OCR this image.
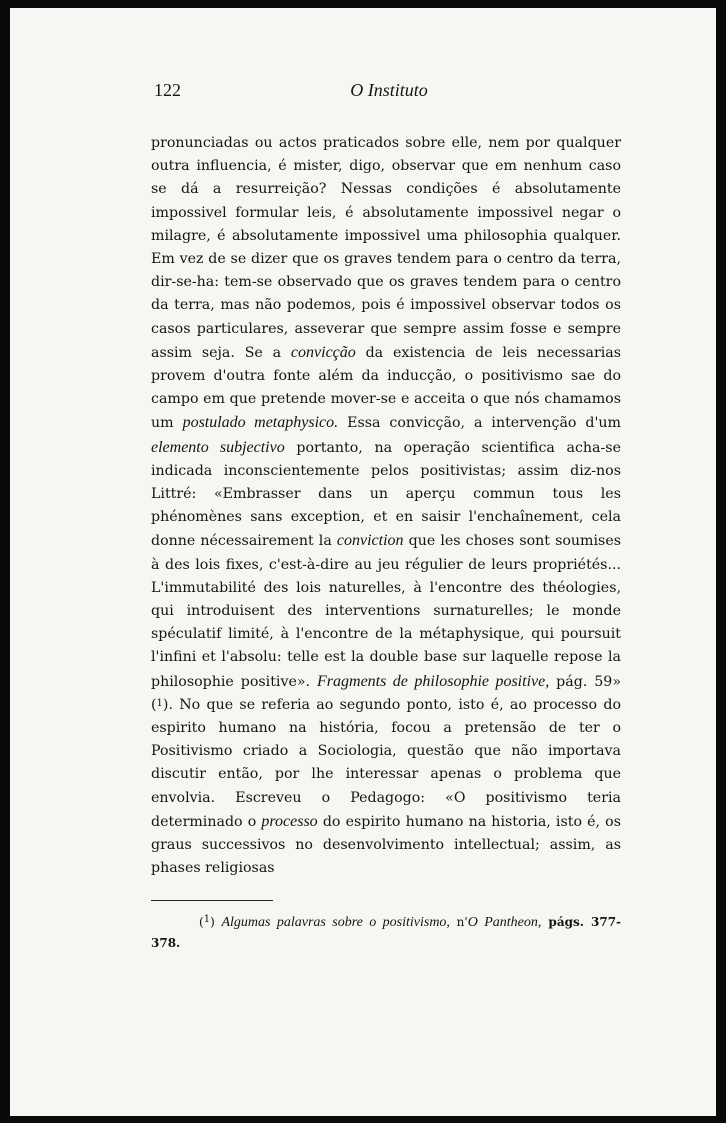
122	O Instituto

pronunciadas ou actos praticados sobre elle, nem por qualquer outra influencia, é mister, digo, observar que em nenhum caso se dá a resurreição? Nessas condições é absolutamente impossivel formular leis, é absolutamente impossivel negar o milagre, é absolutamente impossivel uma philosophia qualquer. Em vez de se dizer que os graves tendem para o centro da terra, dir-se-ha: tem-se observado que os graves tendem para o centro da terra, mas não podemos, pois é impossivel observar todos os casos particulares, asseverar que sempre assim fosse e sempre assim seja. Se a convicção da existencia de leis necessarias provem d'outra fonte além da inducção, o positivismo sae do campo em que pretende mover-se e acceita o que nós chamamos um postulado metaphysico. Essa convicção, a intervenção d'um elemento subjectivo portanto, na operação scientifica acha-se indicada inconscientemente pelos positivistas; assim diz-nos Littré: «Embrasser dans un aperçu commun tous les phénomènes sans exception, et en saisir l'enchaînement, cela donne nécessairement la conviction que les choses sont soumises à des lois fixes, c'est-à-dire au jeu régulier de leurs propriétés... L'immutabilité des lois naturelles, à l'encontre des théologies, qui introduisent des interventions surnaturelles; le monde spéculatif limité, à l'encontre de la métaphysique, qui poursuit l'infini et l'absolu: telle est la double base sur laquelle repose la philosophie positive». Fragments de philosophie positive, pág. 59» ($^1$). No que se referia ao segundo ponto, isto é, ao processo do espirito humano na história, focou a pretensão de ter o Positivismo criado a Sociologia, questão que não importava discutir então, por lhe interessar apenas o problema que envolvia. Escreveu o Pedagogo: «O positivismo teria determinado o processo do espirito humano na historia, isto é, os graus successivos no desenvolvimento intellectual; assim, as phases religiosas

($^1$) Algumas palavras sobre o positivismo, n'O Pantheon, págs. 377-378.
